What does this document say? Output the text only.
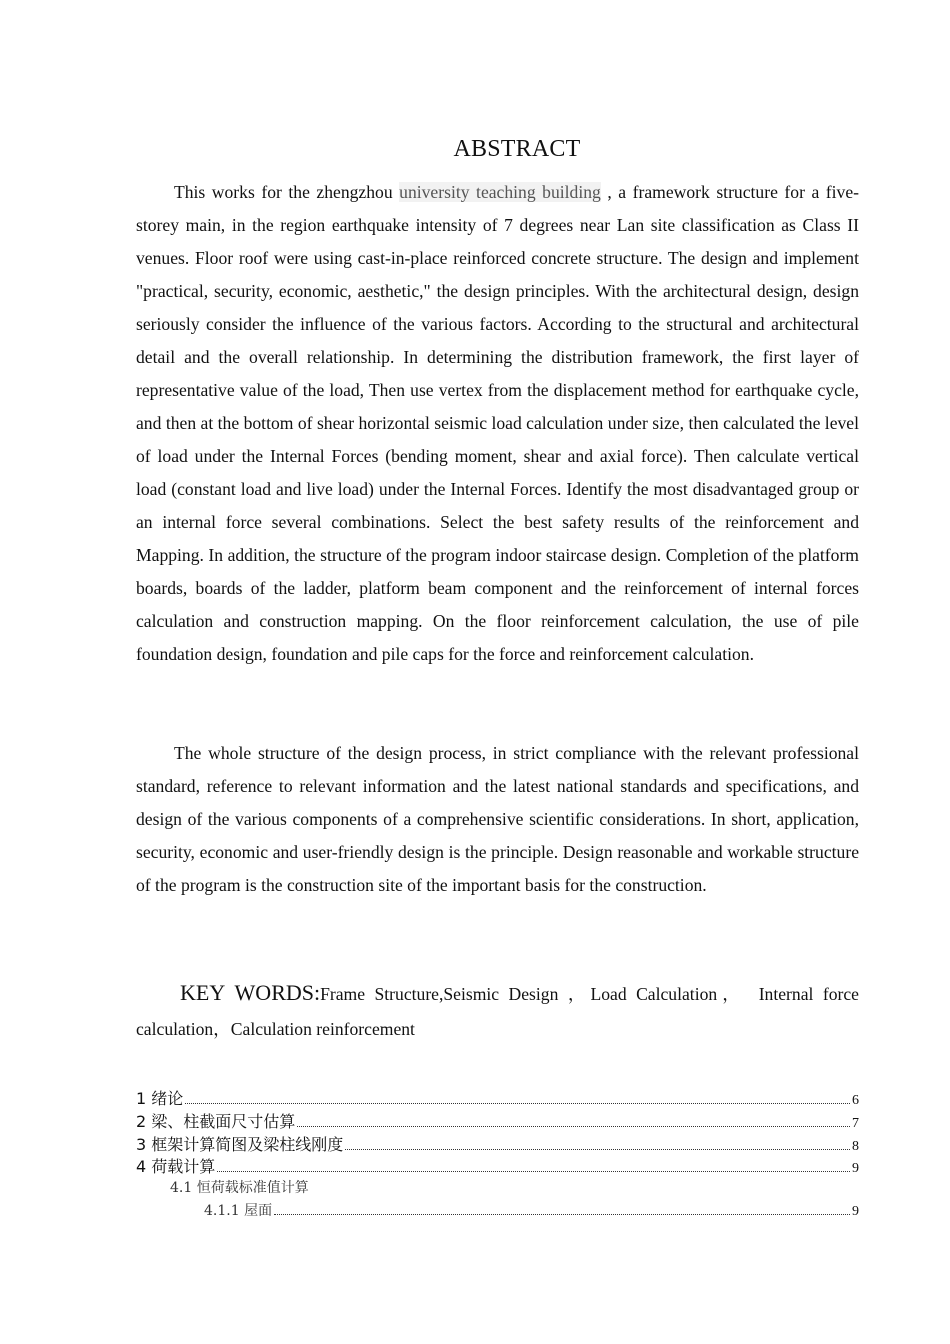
ABSTRACT

This works for the zhengzhou university teaching building , a framework structure for a five-storey main, in the region earthquake intensity of 7 degrees near Lan site classification as Class II venues. Floor roof were using cast-in-place reinforced concrete structure. The design and implement "practical, security, economic, aesthetic," the design principles. With the architectural design, design seriously consider the influence of the various factors. According to the structural and architectural detail and the overall relationship. In determining the distribution framework, the first layer of representative value of the load, Then use vertex from the displacement method for earthquake cycle, and then at the bottom of shear horizontal seismic load calculation under size, then calculated the level of load under the Internal Forces (bending moment, shear and axial force). Then calculate vertical load (constant load and live load) under the Internal Forces. Identify the most disadvantaged group or an internal force several combinations. Select the best safety results of the reinforcement and Mapping. In addition, the structure of the program indoor staircase design. Completion of the platform boards, boards of the ladder, platform beam component and the reinforcement of internal forces calculation and construction mapping. On the floor reinforcement calculation, the use of pile foundation design, foundation and pile caps for the force and reinforcement calculation.

The whole structure of the design process, in strict compliance with the relevant professional standard, reference to relevant information and the latest national standards and specifications, and design of the various components of a comprehensive scientific considerations. In short, application, security, economic and user-friendly design is the principle. Design reasonable and workable structure of the program is the construction site of the important basis for the construction.

KEY WORDS:Frame Structure,Seismic Design ，Load Calculation，　Internal force calculation，Calculation reinforcement
1 绪论	6
2 梁、柱截面尺寸估算	7
3 框架计算简图及梁柱线刚度	8
4 荷载计算	9
4.1 恒荷载标准值计算
4.1.1 屋面	9
